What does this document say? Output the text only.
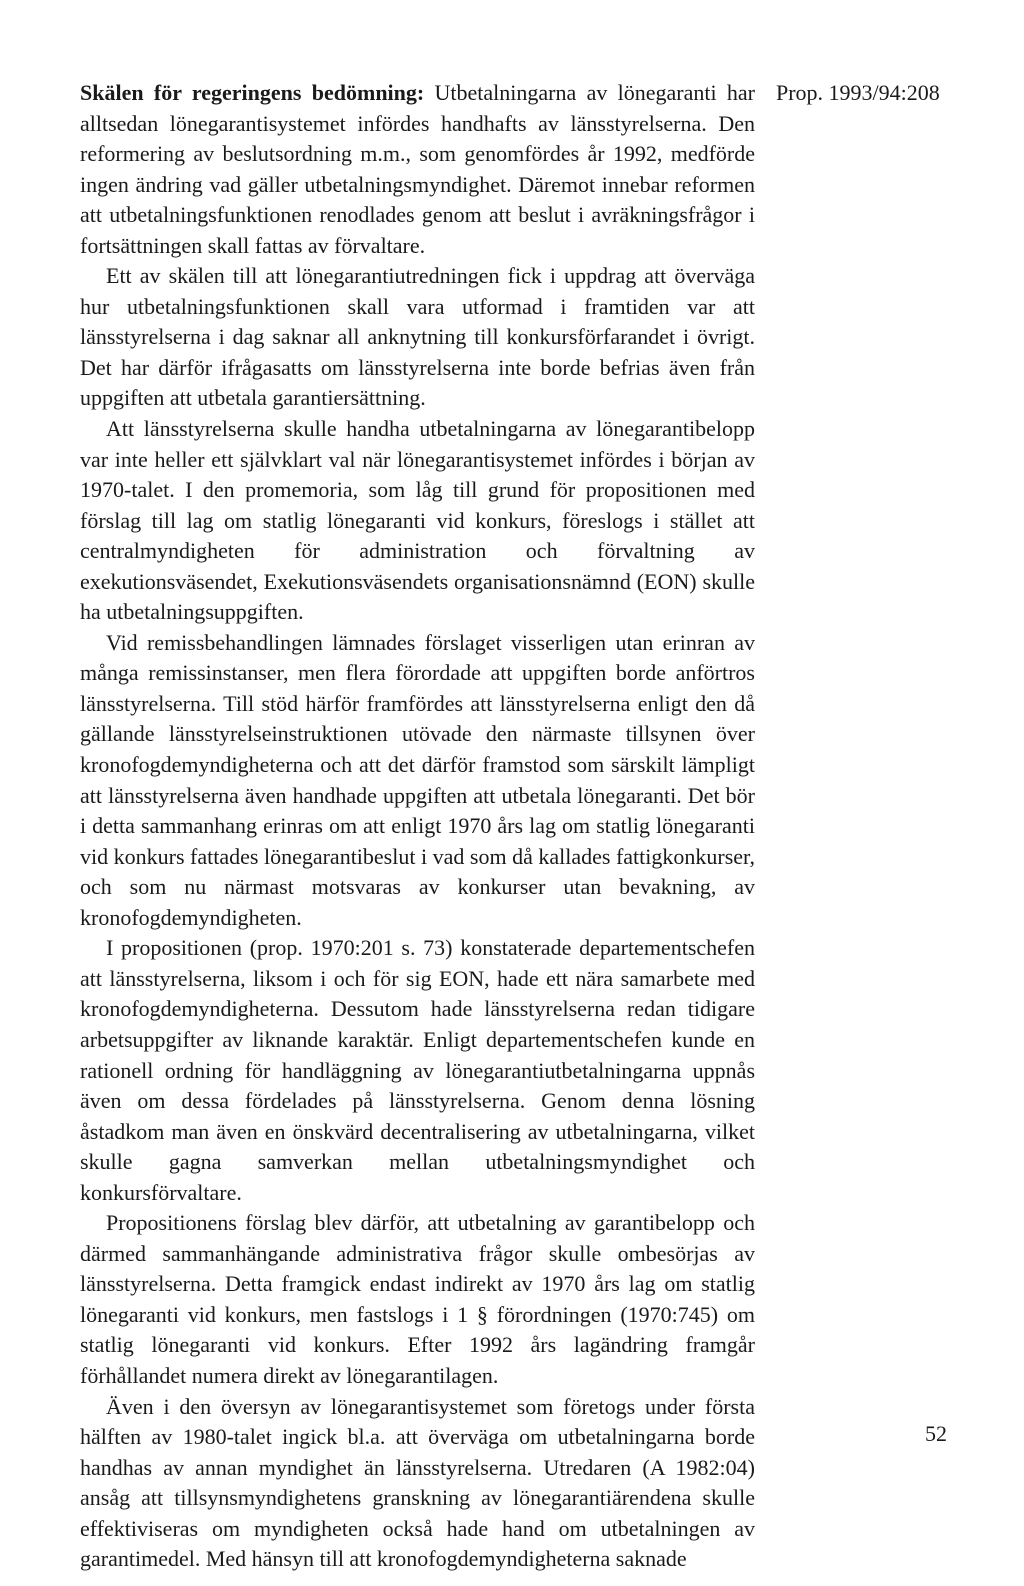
Prop. 1993/94:208

Skälen för regeringens bedömning: Utbetalningarna av lönegaranti har alltsedan lönegarantisystemet infördes handhafts av länsstyrelserna. Den reformering av beslutsordning m.m., som genomfördes år 1992, medförde ingen ändring vad gäller utbetalningsmyndighet. Däremot innebar reformen att utbetalningsfunktionen renodlades genom att beslut i avräkningsfrågor i fortsättningen skall fattas av förvaltare.

Ett av skälen till att lönegarantiutredningen fick i uppdrag att överväga hur utbetalningsfunktionen skall vara utformad i framtiden var att länsstyrelserna i dag saknar all anknytning till konkursförfarandet i övrigt. Det har därför ifrågasatts om länsstyrelserna inte borde befrias även från uppgiften att utbetala garantiersättning.

Att länsstyrelserna skulle handha utbetalningarna av lönegarantibelopp var inte heller ett självklart val när lönegarantisystemet infördes i början av 1970-talet. I den promemoria, som låg till grund för propositionen med förslag till lag om statlig lönegaranti vid konkurs, föreslogs i stället att centralmyndigheten för administration och förvaltning av exekutionsväsendet, Exekutionsväsendets organisationsnämnd (EON) skulle ha utbetalningsuppgiften.

Vid remissbehandlingen lämnades förslaget visserligen utan erinran av många remissinstanser, men flera förordade att uppgiften borde anförtros länsstyrelserna. Till stöd härför framfördes att länsstyrelserna enligt den då gällande länsstyrelseinstruktionen utövade den närmaste tillsynen över kronofogdemyndigheterna och att det därför framstod som särskilt lämpligt att länsstyrelserna även handhade uppgiften att utbetala lönegaranti. Det bör i detta sammanhang erinras om att enligt 1970 års lag om statlig lönegaranti vid konkurs fattades lönegarantibeslut i vad som då kallades fattigkonkurser, och som nu närmast motsvaras av konkurser utan bevakning, av kronofogdemyndigheten.

I propositionen (prop. 1970:201 s. 73) konstaterade departementschefen att länsstyrelserna, liksom i och för sig EON, hade ett nära samarbete med kronofogdemyndigheterna. Dessutom hade länsstyrelserna redan tidigare arbetsuppgifter av liknande karaktär. Enligt departementschefen kunde en rationell ordning för handläggning av lönegarantiutbetalningarna uppnås även om dessa fördelades på länsstyrelserna. Genom denna lösning åstadkom man även en önskvärd decentralisering av utbetalningarna, vilket skulle gagna samverkan mellan utbetalningsmyndighet och konkursförvaltare.

Propositionens förslag blev därför, att utbetalning av garantibelopp och därmed sammanhängande administrativa frågor skulle ombesörjas av länsstyrelserna. Detta framgick endast indirekt av 1970 års lag om statlig lönegaranti vid konkurs, men fastslogs i 1 § förordningen (1970:745) om statlig lönegaranti vid konkurs. Efter 1992 års lagändring framgår förhållandet numera direkt av lönegarantilagen.

Även i den översyn av lönegarantisystemet som företogs under första hälften av 1980-talet ingick bl.a. att överväga om utbetalningarna borde handhas av annan myndighet än länsstyrelserna. Utredaren (A 1982:04) ansåg att tillsynsmyndighetens granskning av lönegarantiärendena skulle effektiviseras om myndigheten också hade hand om utbetalningen av garantimedel. Med hänsyn till att kronofogdemyndigheterna saknade

52
